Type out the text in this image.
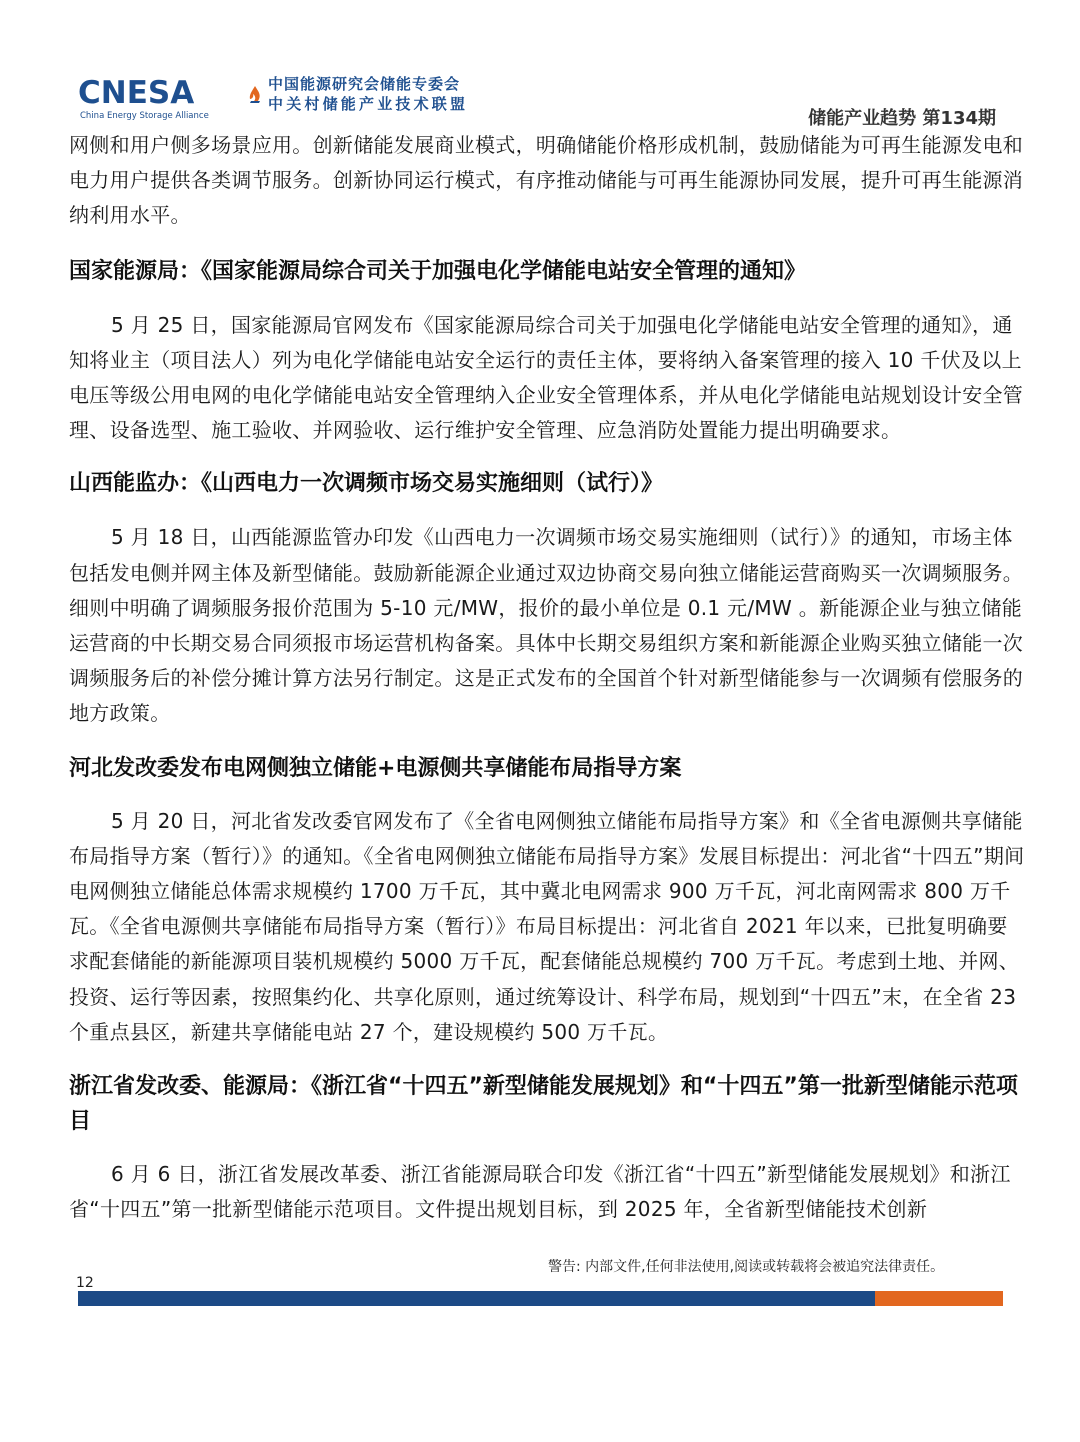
CNESA
China Energy Storage Alliance
中国能源研究会储能专委会
中关村储能产业技术联盟
储能产业趋势 第134期

网侧和用户侧多场景应用。创新储能发展商业模式，明确储能价格形成机制，鼓励储能为可再生能源发电和电力用户提供各类调节服务。创新协同运行模式，有序推动储能与可再生能源协同发展，提升可再生能源消纳利用水平。

国家能源局：《国家能源局综合司关于加强电化学储能电站安全管理的通知》

5 月 25 日，国家能源局官网发布《国家能源局综合司关于加强电化学储能电站安全管理的通知》，通知将业主（项目法人）列为电化学储能电站安全运行的责任主体，要将纳入备案管理的接入 10 千伏及以上电压等级公用电网的电化学储能电站安全管理纳入企业安全管理体系，并从电化学储能电站规划设计安全管理、设备选型、施工验收、并网验收、运行维护安全管理、应急消防处置能力提出明确要求。

山西能监办：《山西电力一次调频市场交易实施细则（试行）》

5 月 18 日，山西能源监管办印发《山西电力一次调频市场交易实施细则（试行）》的通知，市场主体包括发电侧并网主体及新型储能。鼓励新能源企业通过双边协商交易向独立储能运营商购买一次调频服务。细则中明确了调频服务报价范围为 5-10 元/MW，报价的最小单位是 0.1 元/MW 。新能源企业与独立储能运营商的中长期交易合同须报市场运营机构备案。具体中长期交易组织方案和新能源企业购买独立储能一次调频服务后的补偿分摊计算方法另行制定。这是正式发布的全国首个针对新型储能参与一次调频有偿服务的地方政策。

河北发改委发布电网侧独立储能+电源侧共享储能布局指导方案

5 月 20 日，河北省发改委官网发布了《全省电网侧独立储能布局指导方案》和《全省电源侧共享储能布局指导方案（暂行）》的通知。《全省电网侧独立储能布局指导方案》发展目标提出：河北省“十四五”期间电网侧独立储能总体需求规模约 1700 万千瓦，其中冀北电网需求 900 万千瓦，河北南网需求 800 万千瓦。《全省电源侧共享储能布局指导方案（暂行）》布局目标提出：河北省自 2021 年以来，已批复明确要求配套储能的新能源项目装机规模约 5000 万千瓦，配套储能总规模约 700 万千瓦。考虑到土地、并网、投资、运行等因素，按照集约化、共享化原则，通过统筹设计、科学布局，规划到“十四五”末，在全省 23 个重点县区，新建共享储能电站 27 个，建设规模约 500 万千瓦。

浙江省发改委、能源局：《浙江省“十四五”新型储能发展规划》和“十四五”第一批新型储能示范项目

6 月 6 日，浙江省发展改革委、浙江省能源局联合印发《浙江省“十四五”新型储能发展规划》和浙江省“十四五”第一批新型储能示范项目。文件提出规划目标，到 2025 年，全省新型储能技术创新

警告: 内部文件,任何非法使用,阅读或转载将会被追究法律责任。
12
